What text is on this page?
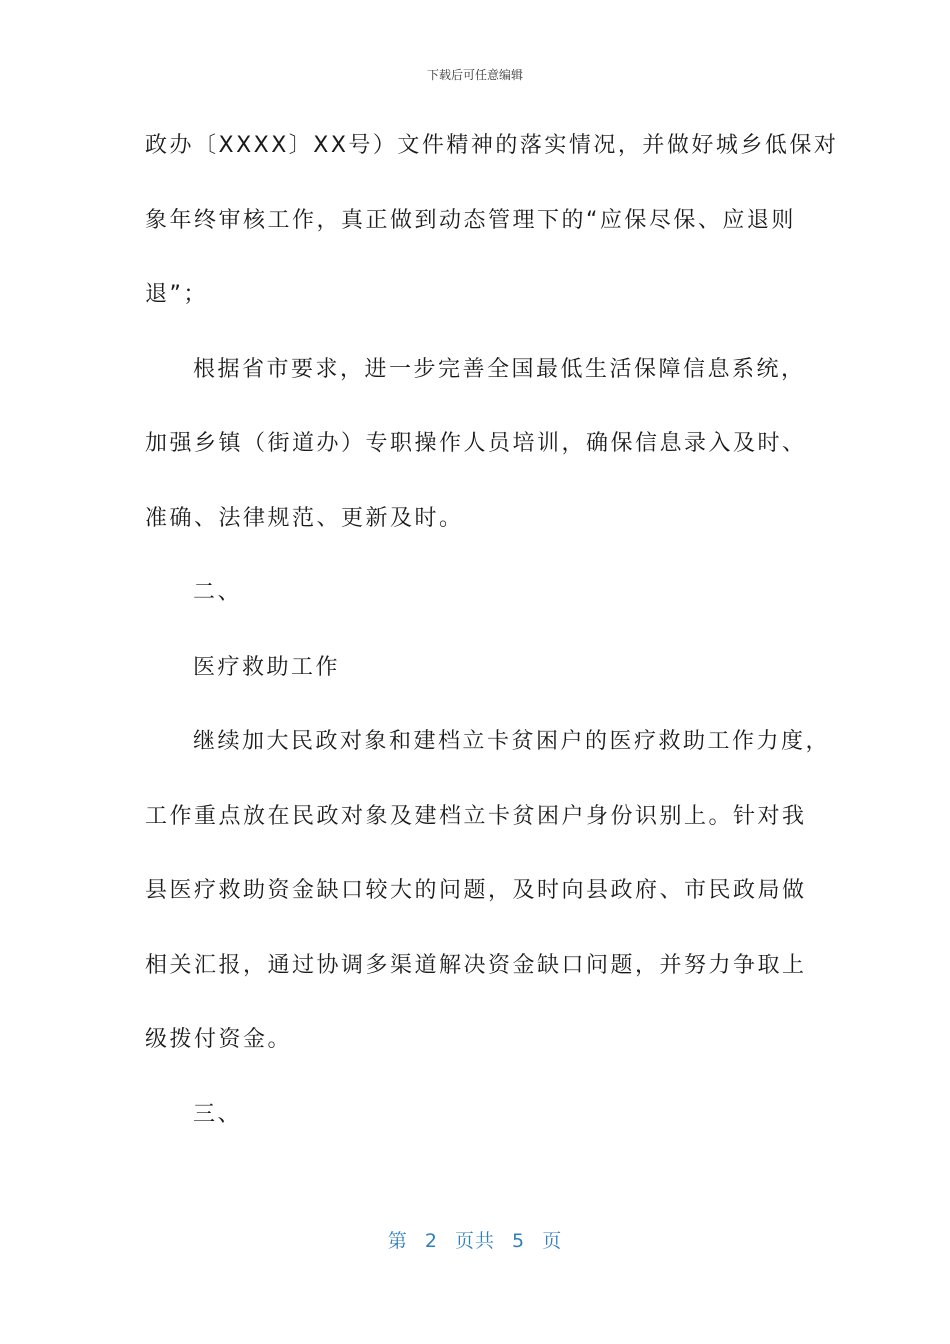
下载后可任意编辑
政办〔XXXX〕XX号）文件精神的落实情况，并做好城乡低保对
象年终审核工作，真正做到动态管理下的“应保尽保、应退则
退”；
根据省市要求，进一步完善全国最低生活保障信息系统，
加强乡镇（街道办）专职操作人员培训，确保信息录入及时、
准确、法律规范、更新及时。
二、
医疗救助工作
继续加大民政对象和建档立卡贫困户的医疗救助工作力度，
工作重点放在民政对象及建档立卡贫困户身份识别上。针对我
县医疗救助资金缺口较大的问题，及时向县政府、市民政局做
相关汇报，通过协调多渠道解决资金缺口问题，并努力争取上
级拨付资金。
三、
第 2 页共 5 页
